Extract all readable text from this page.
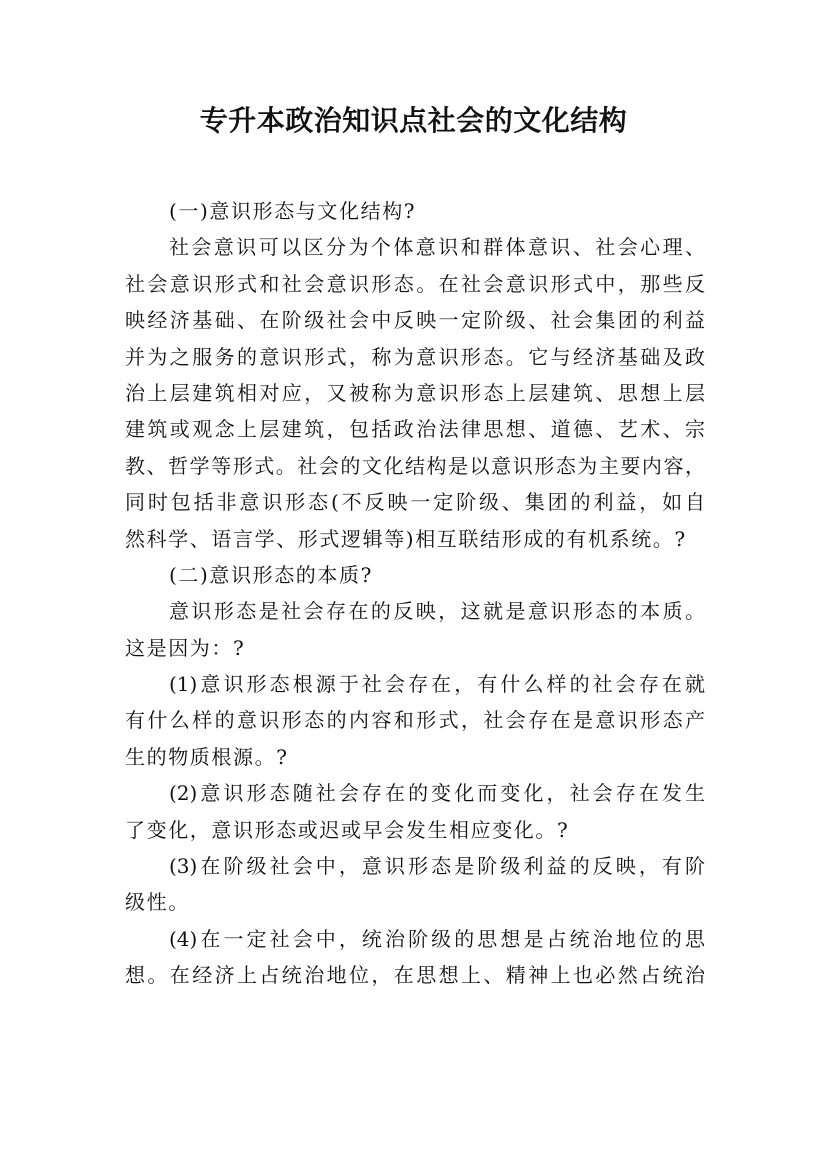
专升本政治知识点社会的文化结构
(一)意识形态与文化结构?
社会意识可以区分为个体意识和群体意识、社会心理、
社会意识形式和社会意识形态。在社会意识形式中，那些反
映经济基础、在阶级社会中反映一定阶级、社会集团的利益
并为之服务的意识形式，称为意识形态。它与经济基础及政
治上层建筑相对应，又被称为意识形态上层建筑、思想上层
建筑或观念上层建筑，包括政治法律思想、道德、艺术、宗
教、哲学等形式。社会的文化结构是以意识形态为主要内容，
同时包括非意识形态(不反映一定阶级、集团的利益，如自
然科学、语言学、形式逻辑等)相互联结形成的有机系统。?
(二)意识形态的本质?
意识形态是社会存在的反映，这就是意识形态的本质。
这是因为：?
(1)意识形态根源于社会存在，有什么样的社会存在就
有什么样的意识形态的内容和形式，社会存在是意识形态产
生的物质根源。?
(2)意识形态随社会存在的变化而变化，社会存在发生
了变化，意识形态或迟或早会发生相应变化。?
(3)在阶级社会中，意识形态是阶级利益的反映，有阶
级性。
(4)在一定社会中，统治阶级的思想是占统治地位的思
想。在经济上占统治地位，在思想上、精神上也必然占统治
